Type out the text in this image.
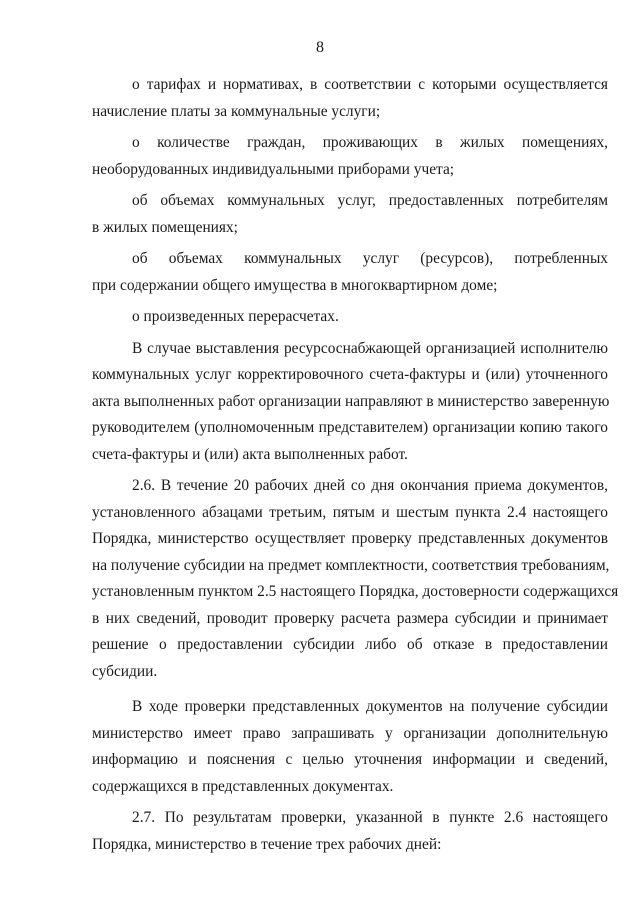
8
о тарифах и нормативах, в соответствии с которыми осуществляется
начисление платы за коммунальные услуги;
о количестве граждан, проживающих в жилых помещениях,
необорудованных индивидуальными приборами учета;
об объемах коммунальных услуг, предоставленных потребителям
в жилых помещениях;
об объемах коммунальных услуг (ресурсов), потребленных
при содержании общего имущества в многоквартирном доме;
о произведенных перерасчетах.
В случае выставления ресурсоснабжающей организацией исполнителю
коммунальных услуг корректировочного счета-фактуры и (или) уточненного
акта выполненных работ организации направляют в министерство заверенную
руководителем (уполномоченным представителем) организации копию такого
счета-фактуры и (или) акта выполненных работ.
2.6. В течение 20 рабочих дней со дня окончания приема документов,
установленного абзацами третьим, пятым и шестым пункта 2.4 настоящего
Порядка, министерство осуществляет проверку представленных документов
на получение субсидии на предмет комплектности, соответствия требованиям,
установленным пунктом 2.5 настоящего Порядка, достоверности содержащихся
в них сведений, проводит проверку расчета размера субсидии и принимает
решение о предоставлении субсидии либо об отказе в предоставлении
субсидии.
В ходе проверки представленных документов на получение субсидии
министерство имеет право запрашивать у организации дополнительную
информацию и пояснения с целью уточнения информации и сведений,
содержащихся в представленных документах.
2.7. По результатам проверки, указанной в пункте 2.6 настоящего
Порядка, министерство в течение трех рабочих дней:
